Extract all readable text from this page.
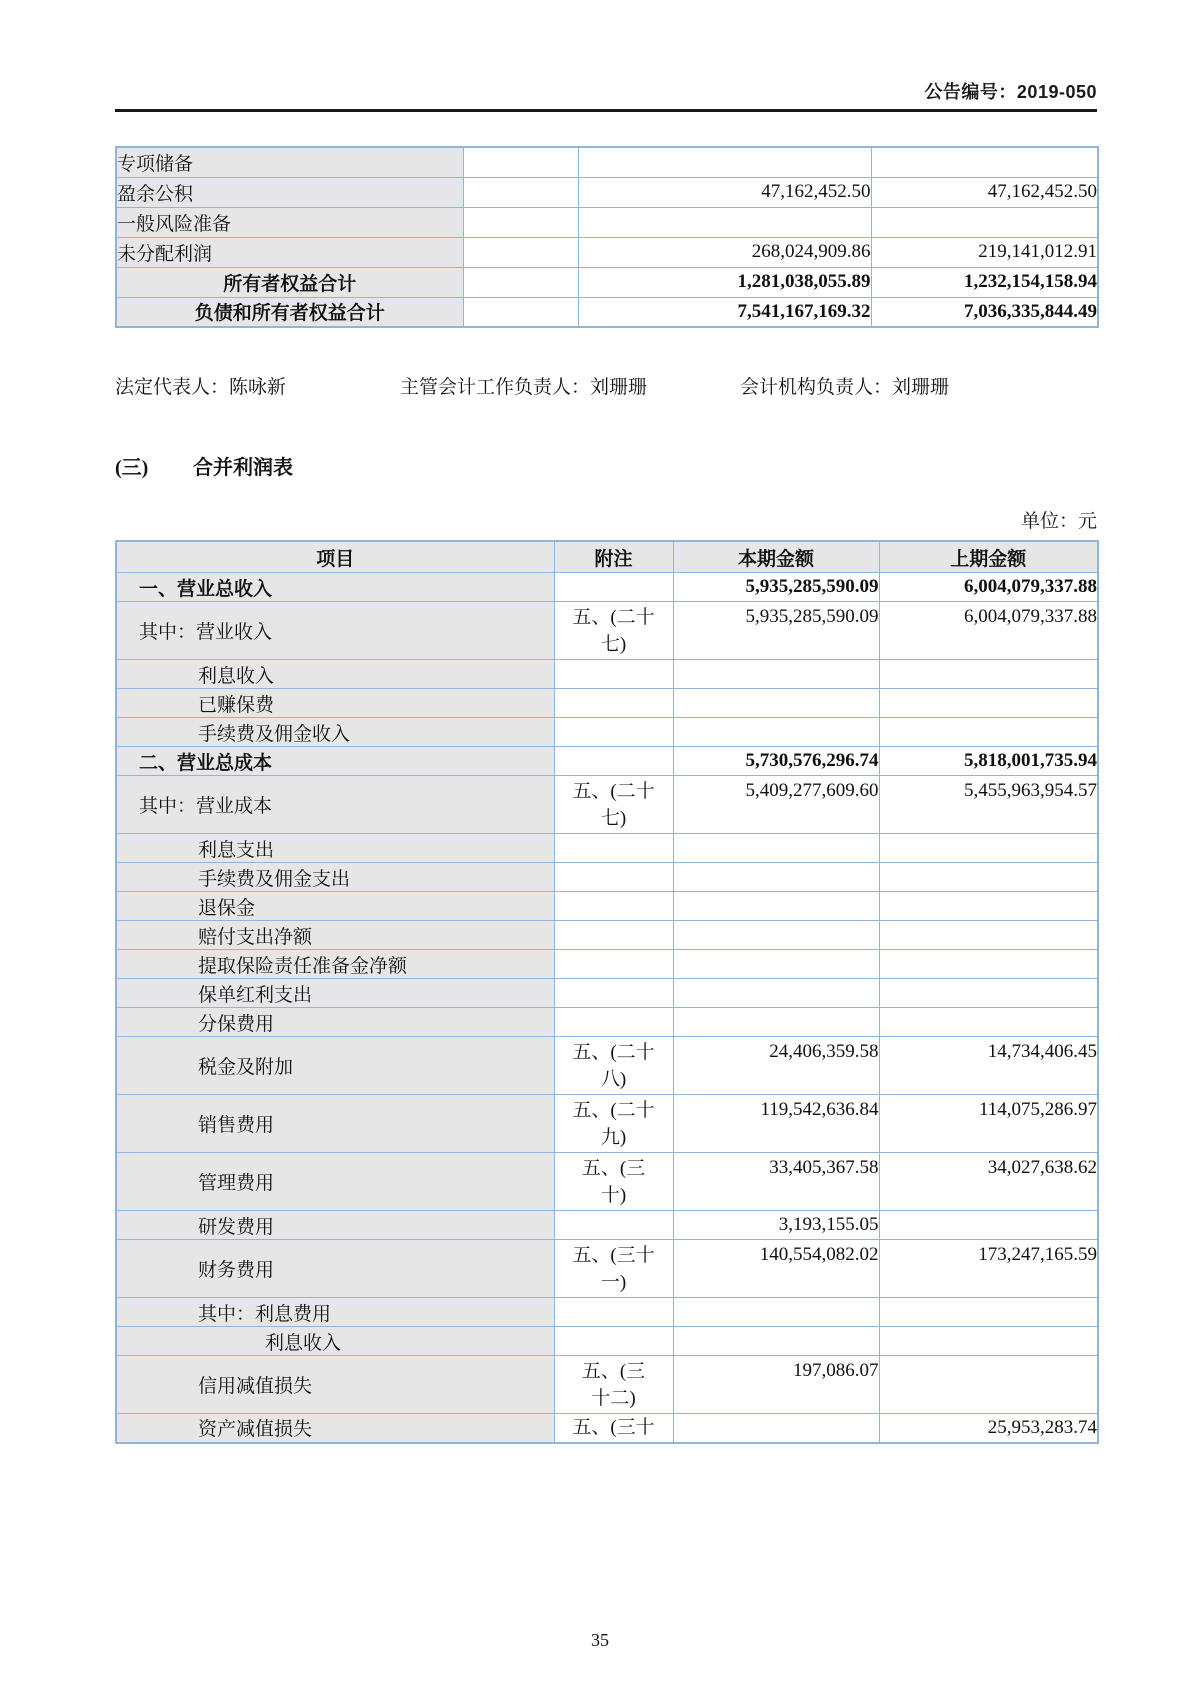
公告编号：2019-050
专项储备			
盈余公积		47,162,452.50	47,162,452.50
一般风险准备			
未分配利润		268,024,909.86	219,141,012.91
所有者权益合计		1,281,038,055.89	1,232,154,158.94
负债和所有者权益合计		7,541,167,169.32	7,036,335,844.49
法定代表人：陈咏新	主管会计工作负责人：刘珊珊	会计机构负责人：刘珊珊
(三)	合并利润表
单位：元
项目	附注	本期金额	上期金额
一、营业总收入		5,935,285,590.09	6,004,079,337.88
其中：营业收入	五、(二十
七)	5,935,285,590.09	6,004,079,337.88
利息收入			
已赚保费			
手续费及佣金收入			
二、营业总成本		5,730,576,296.74	5,818,001,735.94
其中：营业成本	五、(二十
七)	5,409,277,609.60	5,455,963,954.57
利息支出			
手续费及佣金支出			
退保金			
赔付支出净额			
提取保险责任准备金净额			
保单红利支出			
分保费用			
税金及附加	五、(二十
八)	24,406,359.58	14,734,406.45
销售费用	五、(二十
九)	119,542,636.84	114,075,286.97
管理费用	五、(三
十)	33,405,367.58	34,027,638.62
研发费用		3,193,155.05	
财务费用	五、(三十
一)	140,554,082.02	173,247,165.59
其中：利息费用			
利息收入			
信用减值损失	五、(三
十二)	197,086.07	
资产减值损失	五、(三十		25,953,283.74
35
